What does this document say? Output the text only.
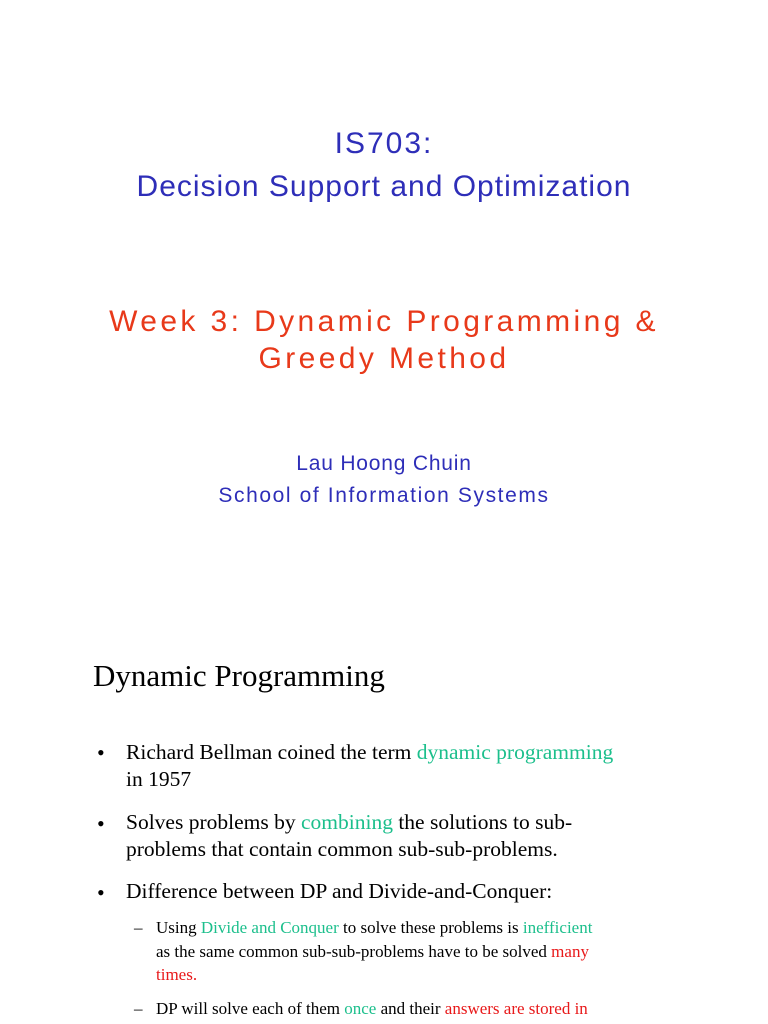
IS703:
Decision Support and Optimization
Week 3: Dynamic Programming &
Greedy Method
Lau Hoong Chuin
School of Information Systems
Dynamic Programming
• Richard Bellman coined the term dynamic programming
in 1957
• Solves problems by combining the solutions to sub-
problems that contain common sub-sub-problems.
• Difference between DP and Divide-and-Conquer:
– Using Divide and Conquer to solve these problems is inefficient
as the same common sub-sub-problems have to be solved many
times.
– DP will solve each of them once and their answers are stored in
